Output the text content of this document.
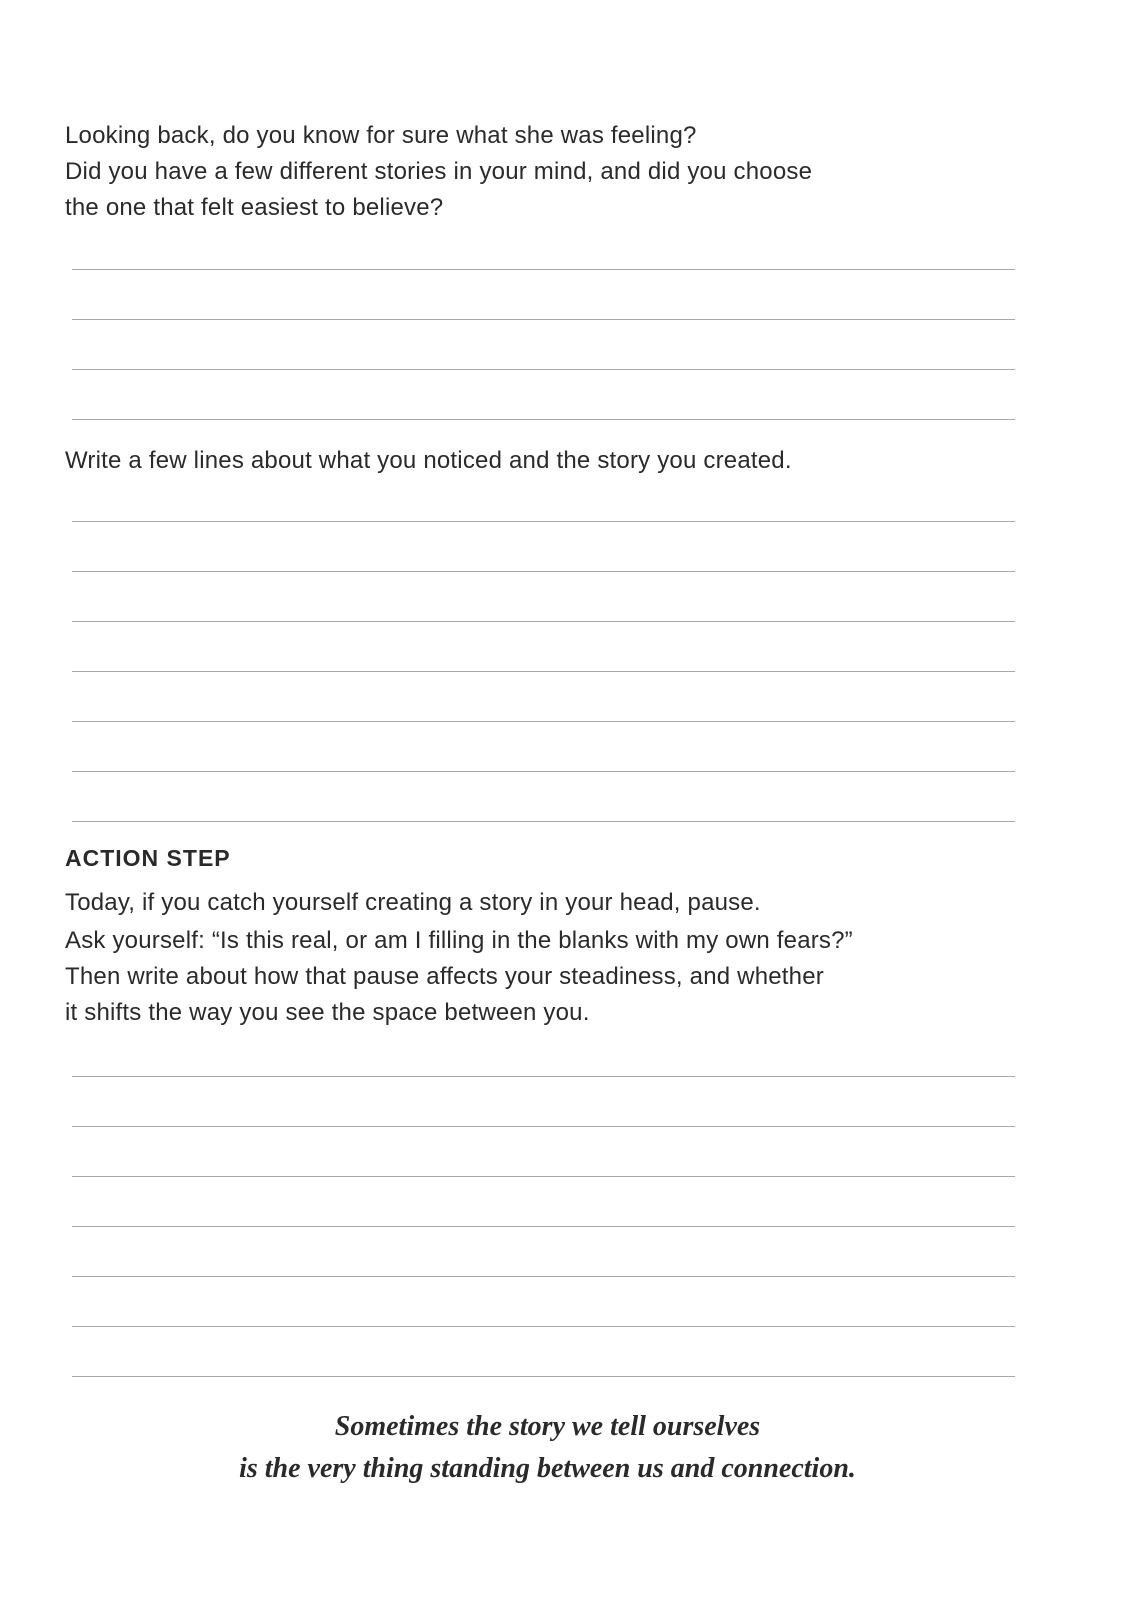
Looking back, do you know for sure what she was feeling?
Did you have a few different stories in your mind, and did you choose
the one that felt easiest to believe?

Write a few lines about what you noticed and the story you created.

ACTION STEP

Today, if you catch yourself creating a story in your head, pause.
Ask yourself: “Is this real, or am I filling in the blanks with my own fears?”
Then write about how that pause affects your steadiness, and whether
it shifts the way you see the space between you.

Sometimes the story we tell ourselves
is the very thing standing between us and connection.
